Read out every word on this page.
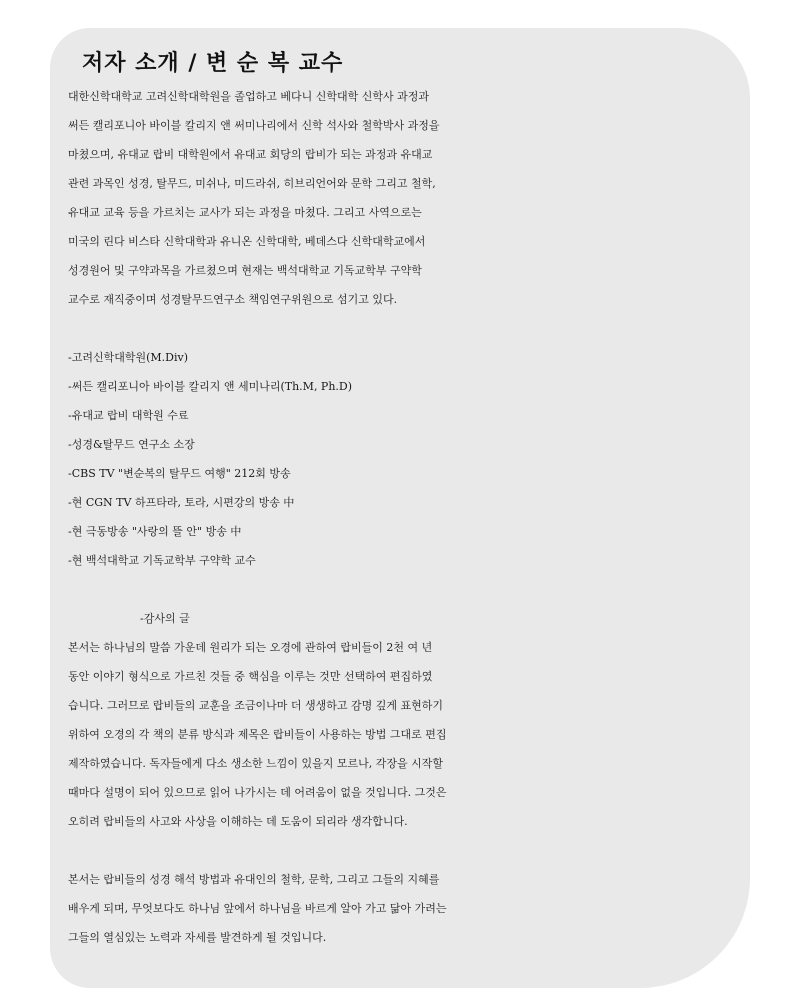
저자 소개 / 변 순 복 교수
대한신학대학교 고려신학대학원을 졸업하고 베다니 신학대학 신학사 과정과
써든 캘리포니아 바이블 칼리지 앤 써미나리에서 신학 석사와 철학박사 과정을
마쳤으며, 유대교 랍비 대학원에서 유대교 회당의 랍비가 되는 과정과 유대교
관련 과목인 성경, 탈무드, 미쉬나, 미드라쉬, 히브리언어와 문학 그리고 철학,
유대교 교육 등을 가르치는 교사가 되는 과정을 마쳤다. 그리고 사역으로는
미국의 린다 비스타 신학대학과 유니온 신학대학, 베데스다 신학대학교에서
성경원어 및 구약과목을 가르쳤으며 현재는 백석대학교 기독교학부 구약학
교수로 재직중이며 성경탈무드연구소 책임연구위원으로 섬기고 있다.
-고려신학대학원(M.Div)
-써든 캘리포니아 바이블 칼리지 앤 세미나리(Th.M, Ph.D)
-유대교 랍비 대학원 수료
-성경&탈무드 연구소 소장
-CBS TV "변순복의 탈무드 여행" 212회 방송
-현 CGN TV 하프타라, 토라, 시편강의 방송 中
-현 극동방송 "사랑의 뜰 안" 방송 中
-현 백석대학교 기독교학부 구약학 교수
-감사의 글
본서는 하나님의 말씀 가운데 원리가 되는 오경에 관하여 랍비들이 2천 여 년
동안 이야기 형식으로 가르친 것들 중 핵심을 이루는 것만 선택하여 편집하였
습니다. 그러므로 랍비들의 교훈을 조금이나마 더 생생하고 감명 깊게 표현하기
위하여 오경의 각 책의 분류 방식과 제목은 랍비들이 사용하는 방법 그대로 편집
제작하였습니다. 독자들에게 다소 생소한 느낌이 있을지 모르나, 각장을 시작할
때마다 설명이 되어 있으므로 읽어 나가시는 데 어려움이 없을 것입니다. 그것은
오히려 랍비들의 사고와 사상을 이해하는 데 도움이 되리라 생각합니다.
본서는 랍비들의 성경 해석 방법과 유대인의 철학, 문학, 그리고 그들의 지혜를
배우게 되며, 무엇보다도 하나님 앞에서 하나님을 바르게 알아 가고 닮아 가려는
그들의 열심있는 노력과 자세를 발견하게 될 것입니다.
